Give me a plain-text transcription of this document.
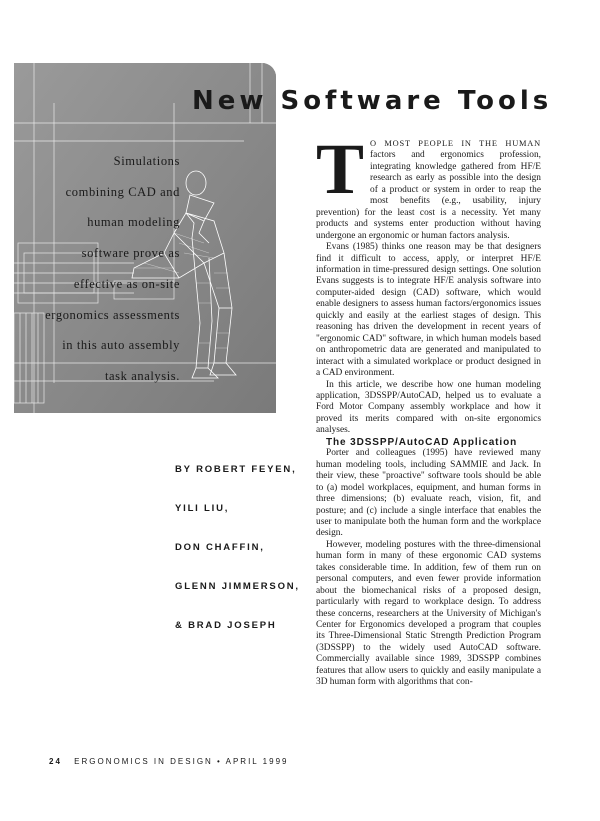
New Software Tools
Simulations
combining CAD and
human modeling
software prove as
effective as on-site
ergonomics assessments
in this auto assembly
task analysis.
BY ROBERT FEYEN,
YILI LIU,
DON CHAFFIN,
GLENN JIMMERSON,
& BRAD JOSEPH

TO MOST PEOPLE IN THE HUMAN factors and ergonomics profession, integrating knowledge gathered from HF/E research as early as possible into the design of a product or system in order to reap the most benefits (e.g., usability, injury prevention) for the least cost is a necessity. Yet many products and systems enter production without having undergone an ergonomic or human factors analysis.

Evans (1985) thinks one reason may be that designers find it difficult to access, apply, or interpret HF/E information in time-pressured design settings. One solution Evans suggests is to integrate HF/E analysis software into computer-aided design (CAD) software, which would enable designers to assess human factors/ergonomics issues quickly and easily at the earliest stages of design. This reasoning has driven the development in recent years of "ergonomic CAD" software, in which human models based on anthropometric data are generated and manipulated to interact with a simulated workplace or product designed in a CAD environment.

In this article, we describe how one human modeling application, 3DSSPP/AutoCAD, helped us to evaluate a Ford Motor Company assembly workplace and how it proved its merits compared with on-site ergonomics analyses.

The 3DSSPP/AutoCAD Application

Porter and colleagues (1995) have reviewed many human modeling tools, including SAMMIE and Jack. In their view, these "proactive" software tools should be able to (a) model workplaces, equipment, and human forms in three dimensions; (b) evaluate reach, vision, fit, and posture; and (c) include a single interface that enables the user to manipulate both the human form and the workplace design.

However, modeling postures with the three-dimensional human form in many of these ergonomic CAD systems takes considerable time. In addition, few of them run on personal computers, and even fewer provide information about the biomechanical risks of a proposed design, particularly with regard to workplace design. To address these concerns, researchers at the University of Michigan's Center for Ergonomics developed a program that couples its Three-Dimensional Static Strength Prediction Program (3DSSPP) to the widely used AutoCAD software. Commercially available since 1989, 3DSSPP combines features that allow users to quickly and easily manipulate a 3D human form with algorithms that con-

24 ERGONOMICS IN DESIGN • APRIL 1999
